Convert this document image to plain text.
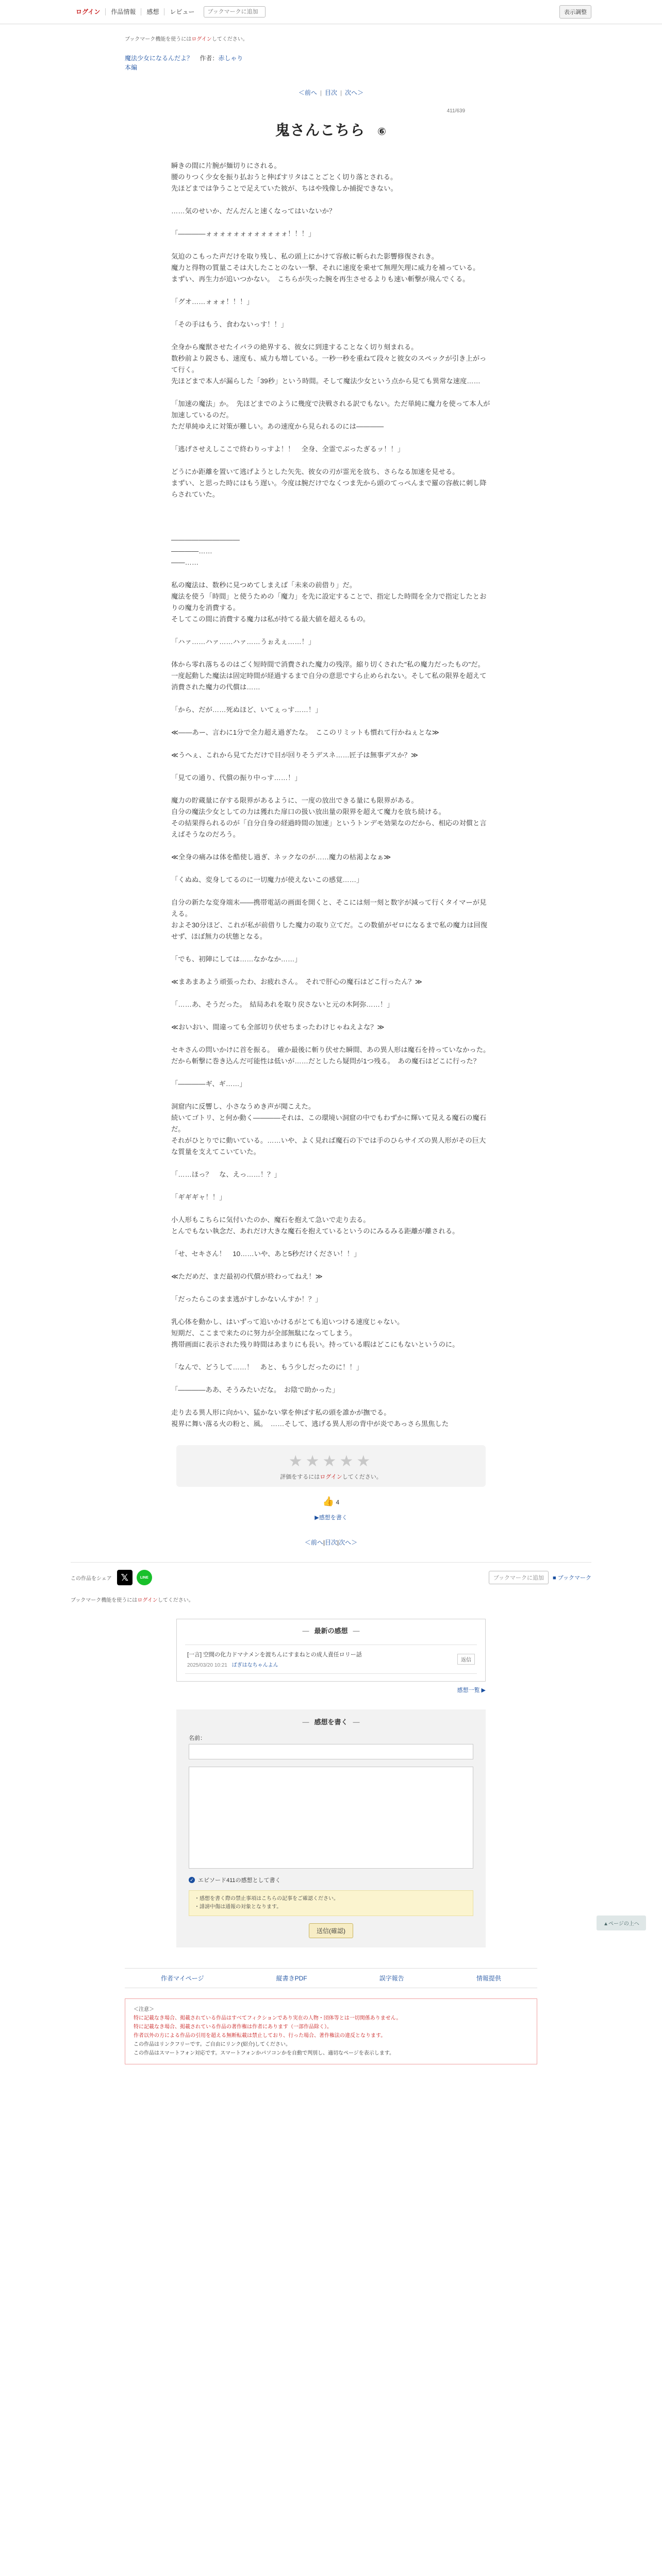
ログイン	作品情報	感想	レビュー
ブックマークに追加	表示調整
ブックマーク機能を使うにはログインしてください。
魔法少女になるんだよ？ 作者：赤しゃり
本編
＜前へ | 目次 | 次へ＞
411/639
鬼さんこちら ⑥

瞬きの間に片腕が麺切りにされる。

腰のりつく少女を振り払おうと伸ばすリタはことごとく切り落とされる。

先ほどまでは争うことで足えていた彼が、ちはや残像しか捕捉できない。

……気のせいか、だんだんと速くなってはいないか？

「――――ォォォォォォォォォォォォ！！！」

気迫のこもった声だけを取り残し、私の頭上にかけて容赦に斬られた影響修復されき。

魔力と得物の質量こそは大したことのない一撃、それに速度を乗せて無理矢理に威力を補っている。

まずい、再生力が追いつかない。　こちらが失った腕を再生させるよりも速い斬撃が飛んでくる。

「グオ……ォォォ！！！」

「その手はもう、食わないっす！！」

全身から魔獣させたイバラの絶界する、彼女に到達することなく切り刻まれる。

数秒前より鋭さも、速度も、威力も増している。一秒一秒を重ねて段々と彼女のスペックが引き上がって行く。

先ほどまで本人が漏らした「39秒」という時間。そして魔法少女という点から見ても異常な速度……

「加速の魔法」か。　先ほどまでのように幾度で決戦される訳でもない。ただ単純に魔力を使って本人が加速しているのだ。

ただ単純ゆえに対策が難しい。あの速度から見られるのには――――

「逃げさせえしここで終わりっすよ！！　全身、全霊でぶったぎるッ！！」

どうにか距離を置いて逃げようとした矢先、彼女の刃が霊光を放ち、さらなる加速を見せる。

まずい、と思った時にはもう遅い。今度は腕だけでなくつま先から頭のてっぺんまで羅の容赦に刺し降らされていた。

――――――――――

――――……

――……

私の魔法は、数秒に見つめてしまえば「未来の前借り」だ。

魔法を使う「時間」と使うための「魔力」を先に設定することで、指定した時間を全力で指定したとおりの魔力を消費する。

そしてこの間に消費する魔力は私が持てる最大値を超えるもの。

「ハァ……ハァ……ハァ……うぉえぇ……！」

体から零れ落ちるのはごく短時間で消費された魔力の残滓。縮り切くされた"私の魔力だったもの"だ。

一度起動した魔法は固定時間が経過するまで自分の意思ですら止められない。そして私の限界を超えて消費された魔力の代償は……

「から、だが……死ぬほど、いてぇっす……！」

≪――あー、言わに1分で全力超え過ぎたな。　ここのリミットも慣れて行かねぇとな≫

≪うへぇ、これから見てただけで目が回りそうデスネ……匠子は無事デスか？≫

「見ての通り、代償の振り中っす……！」

魔力の貯蔵量に存する限界があるように、一度の放出できる量にも限界がある。

自分の魔法少女としての力は獲れた扉口の扱い放出量の限界を超えて魔力を放ち続ける。

その結果得られるのが「自分自身の経過時間の加速」というトンデモ効果なのだから、相応の対償と言えばそうなのだろう。

≪全身の痛みは体を酷使し過ぎ、ネックなのが……魔力の枯渇よなぁ≫

「くぬぬ、変身してるのに一切魔力が使えないこの感覚……」

自分の新たな変身端末――携帯電話の画面を開くと、そこには刻一刻と数字が減って行くタイマーが見える。

およそ30分ほど、これが私が前借りした魔力の取り立てだ。この数値がゼロになるまで私の魔力は回復せず、ほぼ無力の状態となる。

「でも、初陣にしては……なかなか……」

≪まあまあよう頑張ったわ、お疲れさん。　それで肝心の魔石はどこ行ったん？≫

「……あ、そうだった。　結局あれを取り戻さないと元の木阿弥……！」

≪おいおい、間違っても全部切り伏せちまったわけじゃねえよな？≫

セキさんの問いかけに首を振る。　確か最後に斬り伏せた瞬間、あの異人形は魔石を持っていなかった。

だから斬撃に巻き込んだ可能性は低いが……だとしたら疑問が1つ残る。　あの魔石はどこに行った？

「――――ギ、ギ……」

洞窟内に反響し、小さなうめき声が聞こえた。

続いてゴトリ、と何か動く――――それは、この環境い洞窟の中でもわずかに輝いて見える魔石の魔石だ。

それがひとりでに動いている。……いや、よく見れば魔石の下では手のひらサイズの異人形がその巨大な質量を支えてこいていた。

「……ほっ？　な、えっ……！？」

「ギギギャ！！」

小人形もこちらに気付いたのか、魔石を抱えて急いで走り去る。

とんでもない執念だ、あれだけ大きな魔石を抱えているというのにみるみる距離が離される。

「せ、セキさん！　10……いや、あと5秒だけください！！」

≪ただめだ、まだ最初の代償が終わってねえ！≫

「だったらこのまま逃がすしかないんすか！？」

乳心体を動かし、はいずって追いかけるがとても追いつける速度じゃない。

短期だ、ここまで来たのに努力が全部無駄になってしまう。

携帯画面に表示された残り時間はあまりにも長い。持っている暇はどこにもないというのに。

「なんで、どうして……！　あと、もう少しだったのに！！」

「――――ああ、そうみたいだな。　お陰で助かった」

走り去る異人形に向かい、猛かない掌を伸ばす私の頭を誰かが撫でる。

視界に舞い落る火の粉と、風。　……そして、逃げる異人形の背中が炎であっさら黒焦した

★★★★★
評価をするにはログインしてください。
👍 4
▶感想を書く
＜前へ|目次|次へ＞
▲ページの上へ
この作品をシェア 𝕏	LINE	ブックマークに追加	■ ブックマーク
ブックマーク機能を使うにはログインしてください。
― 最新の感想 ―
[一言] 空間の化力ドマナメンを渡ちんにすまねとの成人責任ロリー話
2025/03/20 10:21 ばぎはなちゃんよん
返信
感想一覧 ▶
― 感想を書く ―
名前：
✓ エピソード411の感想として書く
・感想を書く際の禁止事項はこちらの記事をご確認ください。
・誹謗中傷は通報の対象となります。
送信(確認)
作者マイページ	縦書きPDF	誤字報告	情報提供
＜注意＞
特に記載なき場合、掲載されている作品はすべてフィクションであり実在の人物・団体等とは一切関係ありません。
特に記載なき場合、掲載されている作品の著作権は作者にあります（一部作品除く）。
作者以外の方による作品の引用を超える無断転載は禁止しており、行った場合、著作権法の違反となります。
この作品はリンクフリーです。ご自由にリンク(紹介)してください。
この作品はスマートフォン対応です。スマートフォンかパソコンかを自動で判別し、適切なページを表示します。
